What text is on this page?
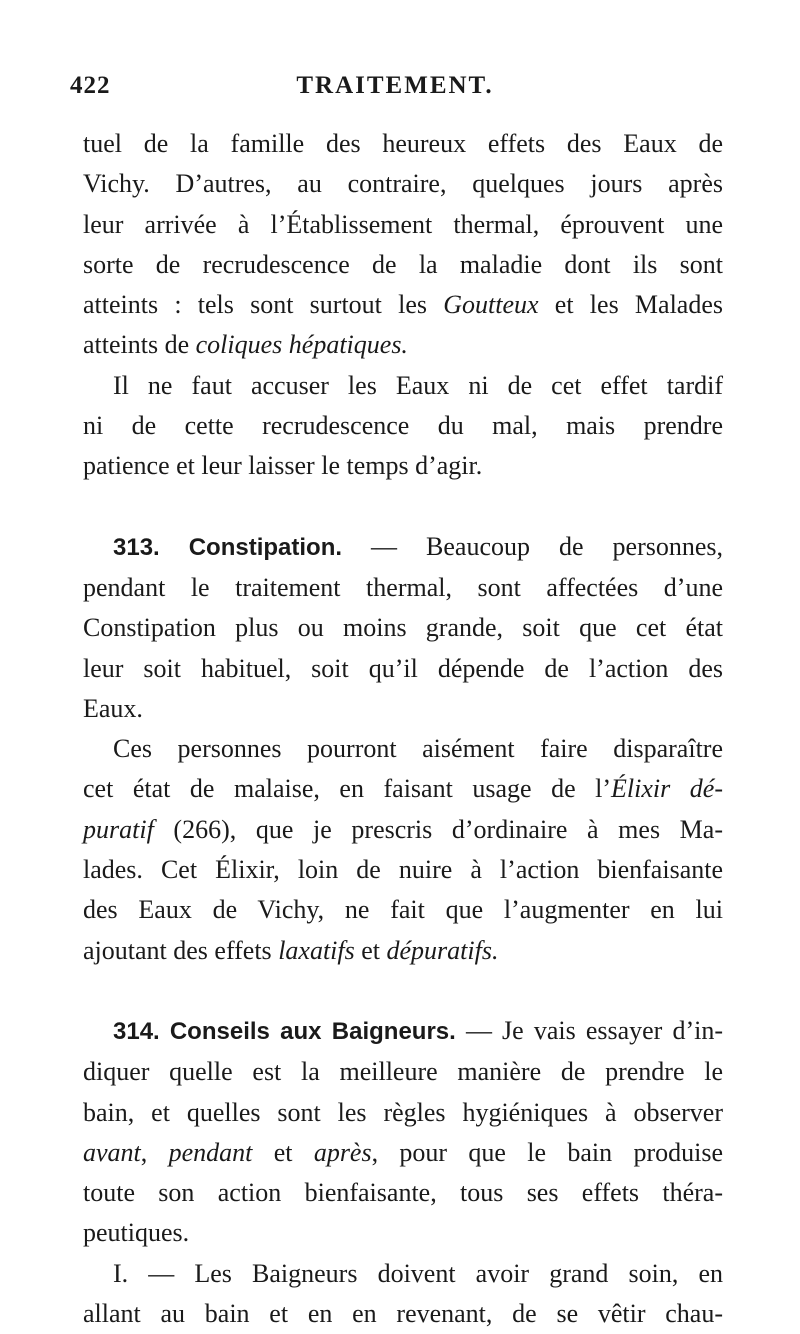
422	TRAITEMENT.

tuel de la famille des heureux effets des Eaux de
Vichy. D’autres, au contraire, quelques jours après
leur arrivée à l’Établissement thermal, éprouvent une
sorte de recrudescence de la maladie dont ils sont
atteints : tels sont surtout les Goutteux et les Malades
atteints de coliques hépatiques.

Il ne faut accuser les Eaux ni de cet effet tardif
ni de cette recrudescence du mal, mais prendre
patience et leur laisser le temps d’agir.

313. Constipation. — Beaucoup de personnes,
pendant le traitement thermal, sont affectées d’une
Constipation plus ou moins grande, soit que cet état
leur soit habituel, soit qu’il dépende de l’action des
Eaux.

Ces personnes pourront aisément faire disparaître
cet état de malaise, en faisant usage de l’Élixir dé-
puratif (266), que je prescris d’ordinaire à mes Ma-
lades. Cet Élixir, loin de nuire à l’action bienfaisante
des Eaux de Vichy, ne fait que l’augmenter en lui
ajoutant des effets laxatifs et dépuratifs.

314. Conseils aux Baigneurs. — Je vais essayer d’in-
diquer quelle est la meilleure manière de prendre le
bain, et quelles sont les règles hygiéniques à observer
avant, pendant et après, pour que le bain produise
toute son action bienfaisante, tous ses effets théra-
peutiques.

I. — Les Baigneurs doivent avoir grand soin, en
allant au bain et en en revenant, de se vêtir chau-
